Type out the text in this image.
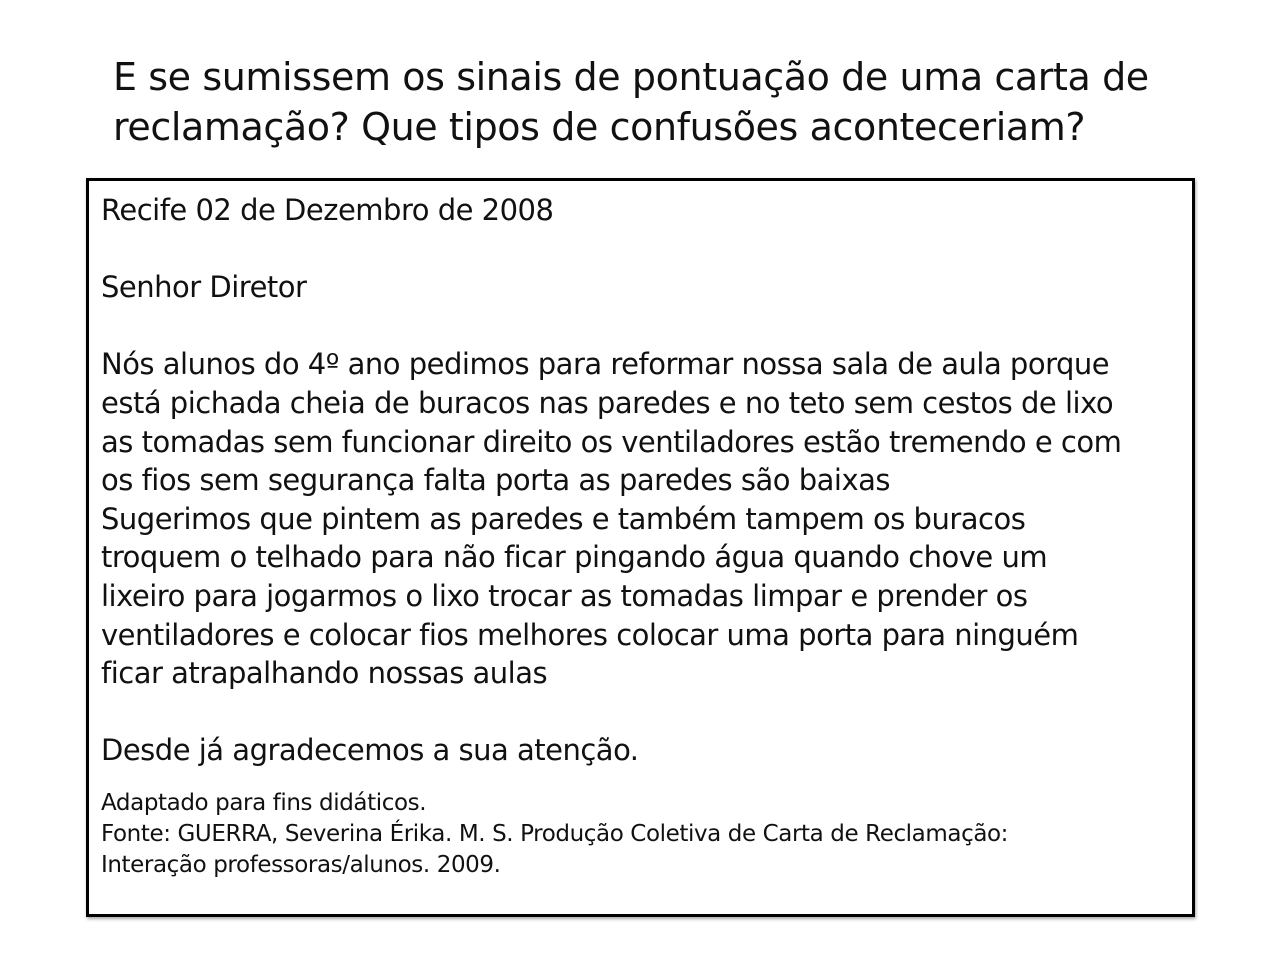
E se sumissem os sinais de pontuação de uma carta de
reclamação? Que tipos de confusões aconteceriam?
Recife 02 de Dezembro de 2008
Senhor Diretor
Nós alunos do 4º ano pedimos para reformar nossa sala de aula porque
está pichada cheia de buracos nas paredes e no teto sem cestos de lixo
as tomadas sem funcionar direito os ventiladores estão tremendo e com
os fios sem segurança falta porta as paredes são baixas
Sugerimos que pintem as paredes e também tampem os buracos
troquem o telhado para não ficar pingando água quando chove um
lixeiro para jogarmos o lixo trocar as tomadas limpar e prender os
ventiladores e colocar fios melhores colocar uma porta para ninguém
ficar atrapalhando nossas aulas
Desde já agradecemos a sua atenção.
Adaptado para fins didáticos.
Fonte: GUERRA, Severina Érika. M. S. Produção Coletiva de Carta de Reclamação:
Interação professoras/alunos. 2009.
